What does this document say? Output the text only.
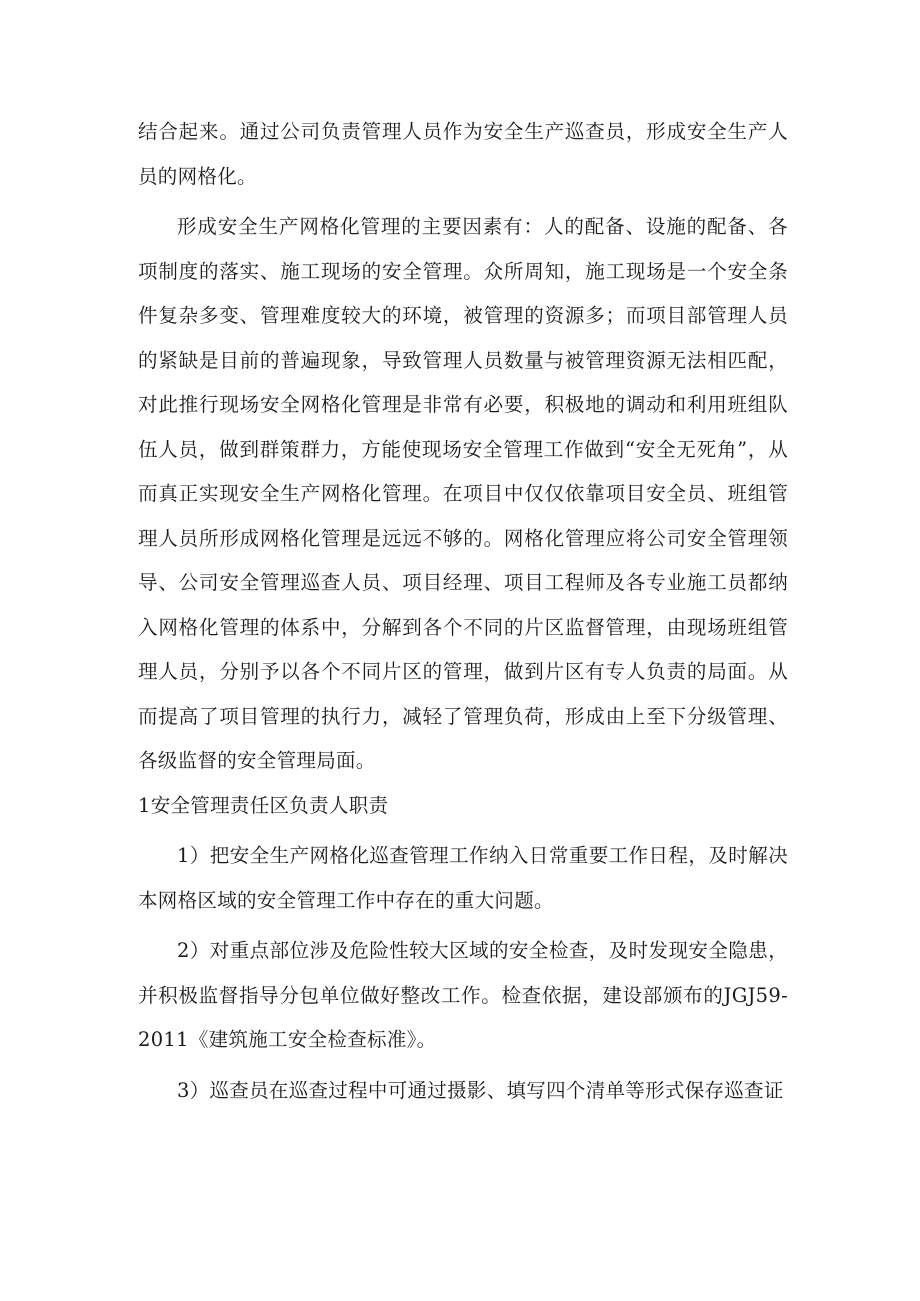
结合起来。通过公司负责管理人员作为安全生产巡查员，形成安全生产人员的网格化。

形成安全生产网格化管理的主要因素有：人的配备、设施的配备、各项制度的落实、施工现场的安全管理。众所周知，施工现场是一个安全条件复杂多变、管理难度较大的环境，被管理的资源多；而项目部管理人员的紧缺是目前的普遍现象，导致管理人员数量与被管理资源无法相匹配，对此推行现场安全网格化管理是非常有必要，积极地的调动和利用班组队伍人员，做到群策群力，方能使现场安全管理工作做到“安全无死角”，从而真正实现安全生产网格化管理。在项目中仅仅依靠项目安全员、班组管理人员所形成网格化管理是远远不够的。网格化管理应将公司安全管理领导、公司安全管理巡查人员、项目经理、项目工程师及各专业施工员都纳入网格化管理的体系中，分解到各个不同的片区监督管理，由现场班组管理人员，分别予以各个不同片区的管理，做到片区有专人负责的局面。从而提高了项目管理的执行力，减轻了管理负荷，形成由上至下分级管理、各级监督的安全管理局面。

1安全管理责任区负责人职责

1）把安全生产网格化巡查管理工作纳入日常重要工作日程，及时解决本网格区域的安全管理工作中存在的重大问题。

2）对重点部位涉及危险性较大区域的安全检查，及时发现安全隐患，并积极监督指导分包单位做好整改工作。检查依据，建设部颁布的JGJ59-2011《建筑施工安全检查标准》。

3）巡查员在巡查过程中可通过摄影、填写四个清单等形式保存巡查证
